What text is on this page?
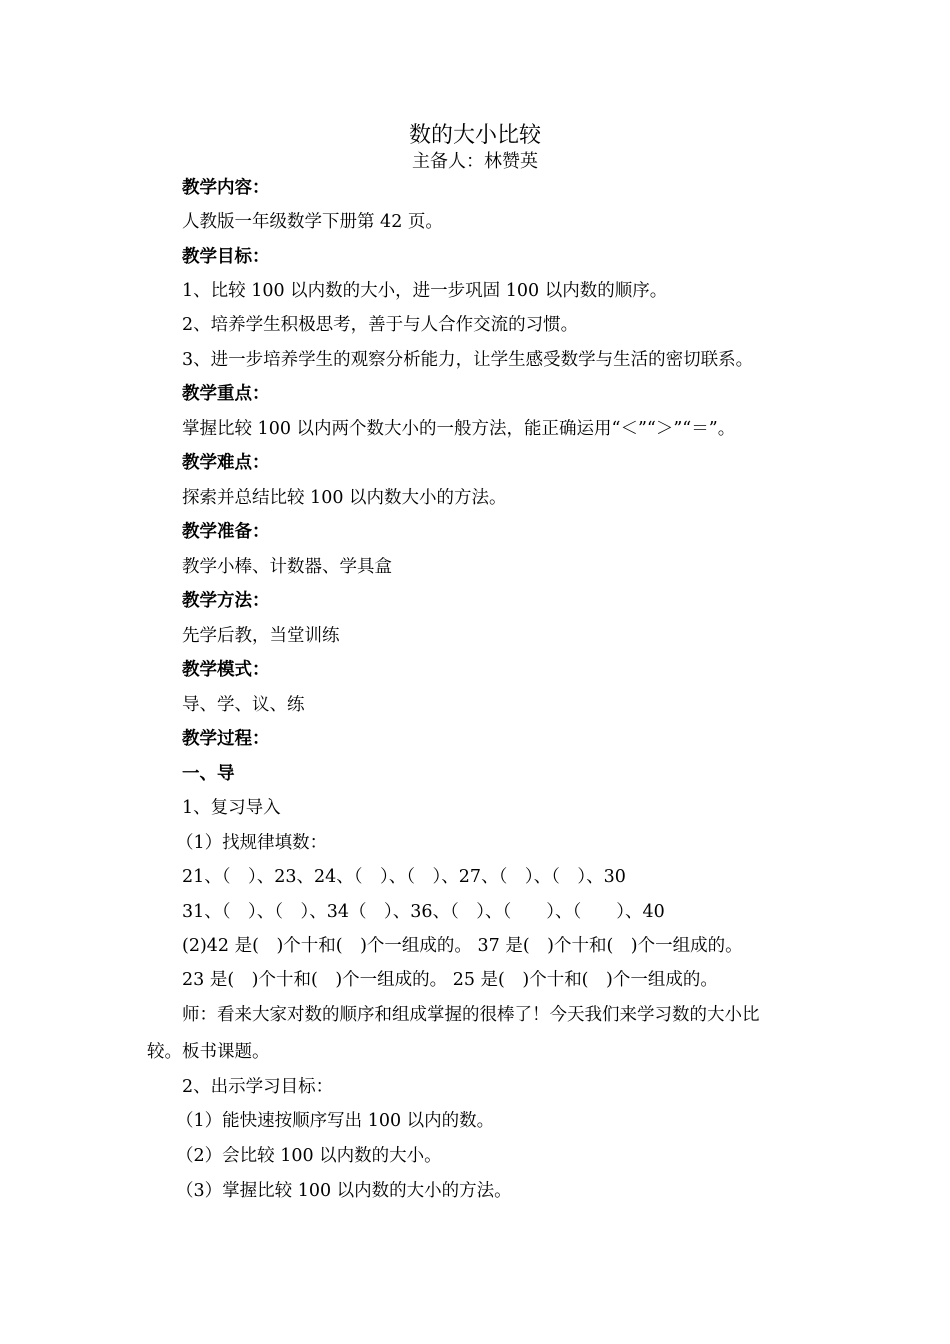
数的大小比较
主备人：林赞英
教学内容：
人教版一年级数学下册第 42 页。
教学目标：
1、比较 100 以内数的大小，进一步巩固 100 以内数的顺序。
2、培养学生积极思考，善于与人合作交流的习惯。
3、进一步培养学生的观察分析能力，让学生感受数学与生活的密切联系。
教学重点：
掌握比较 100 以内两个数大小的一般方法，能正确运用“＜”“＞”“＝”。
教学难点：
探索并总结比较 100 以内数大小的方法。
教学准备：
教学小棒、计数器、学具盒
教学方法：
先学后教，当堂训练
教学模式：
导、学、议、练
教学过程：
一、导
1、复习导入
（1）找规律填数：
21、（　）、23、24、（　）、（　）、27、（　）、（　）、30
31、（　）、（　）、34（　）、36、（　）、（　　）、（　　）、40
(2)42 是(　)个十和(　)个一组成的。 37 是(　)个十和(　)个一组成的。
23 是(　)个十和(　)个一组成的。 25 是(　)个十和(　)个一组成的。
师：看来大家对数的顺序和组成掌握的很棒了！今天我们来学习数的大小比
较。板书课题。
2、出示学习目标：
（1）能快速按顺序写出 100 以内的数。
（2）会比较 100 以内数的大小。
（3）掌握比较 100 以内数的大小的方法。
